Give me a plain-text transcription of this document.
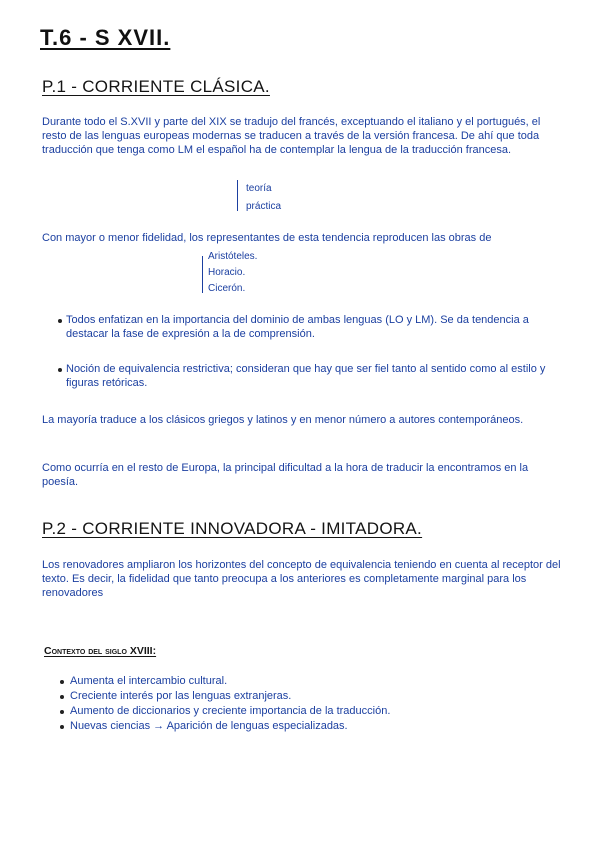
T.6 - S XVII.
P.1 - CORRIENTE CLÁSICA.

Durante todo el S.XVII y parte del XIX se tradujo del francés, exceptuando el italiano y el portugués, el resto de las lenguas europeas modernas se traducen a través de la versión francesa. De ahí que toda traducción que tenga como LM el español ha de contemplar la lengua de la traducción francesa.

teoría
práctica

Con mayor o menor fidelidad, los representantes de esta tendencia reproducen las obras de

Aristóteles.
Horacio.
Cicerón.
Todos enfatizan en la importancia del dominio de ambas lenguas (LO y LM). Se da tendencia a destacar la fase de expresión a la de comprensión.
Noción de equivalencia restrictiva; consideran que hay que ser fiel tanto al sentido como al estilo y figuras retóricas.

La mayoría traduce a los clásicos griegos y latinos y en menor número a autores contemporáneos.

Como ocurría en el resto de Europa, la principal dificultad a la hora de traducir la encontramos en la poesía.

P.2 - CORRIENTE INNOVADORA - IMITADORA.

Los renovadores ampliaron los horizontes del concepto de equivalencia teniendo en cuenta al receptor del texto. Es decir, la fidelidad que tanto preocupa a los anteriores es completamente marginal para los renovadores

Contexto del siglo XVIII:
Aumenta el intercambio cultural.
Creciente interés por las lenguas extranjeras.
Aumento de diccionarios y creciente importancia de la traducción.
Nuevas ciencias → Aparición de lenguas especializadas.
